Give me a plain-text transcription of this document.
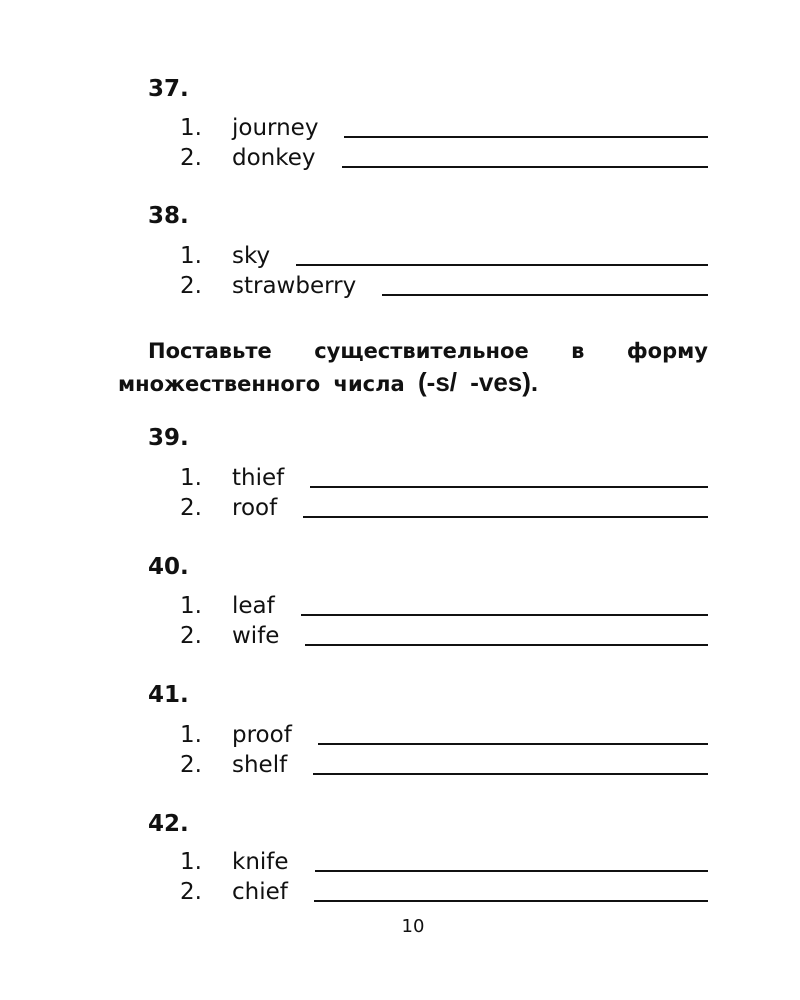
37.
1.	journey
2.	donkey
38.
1.	sky
2.	strawberry
Поставьте существительное в форму
множественного числа (-s/ -ves).
39.
1.	thief
2.	roof
40.
1.	leaf
2.	wife
41.
1.	proof
2.	shelf
42.
1.	knife
2.	chief
10
